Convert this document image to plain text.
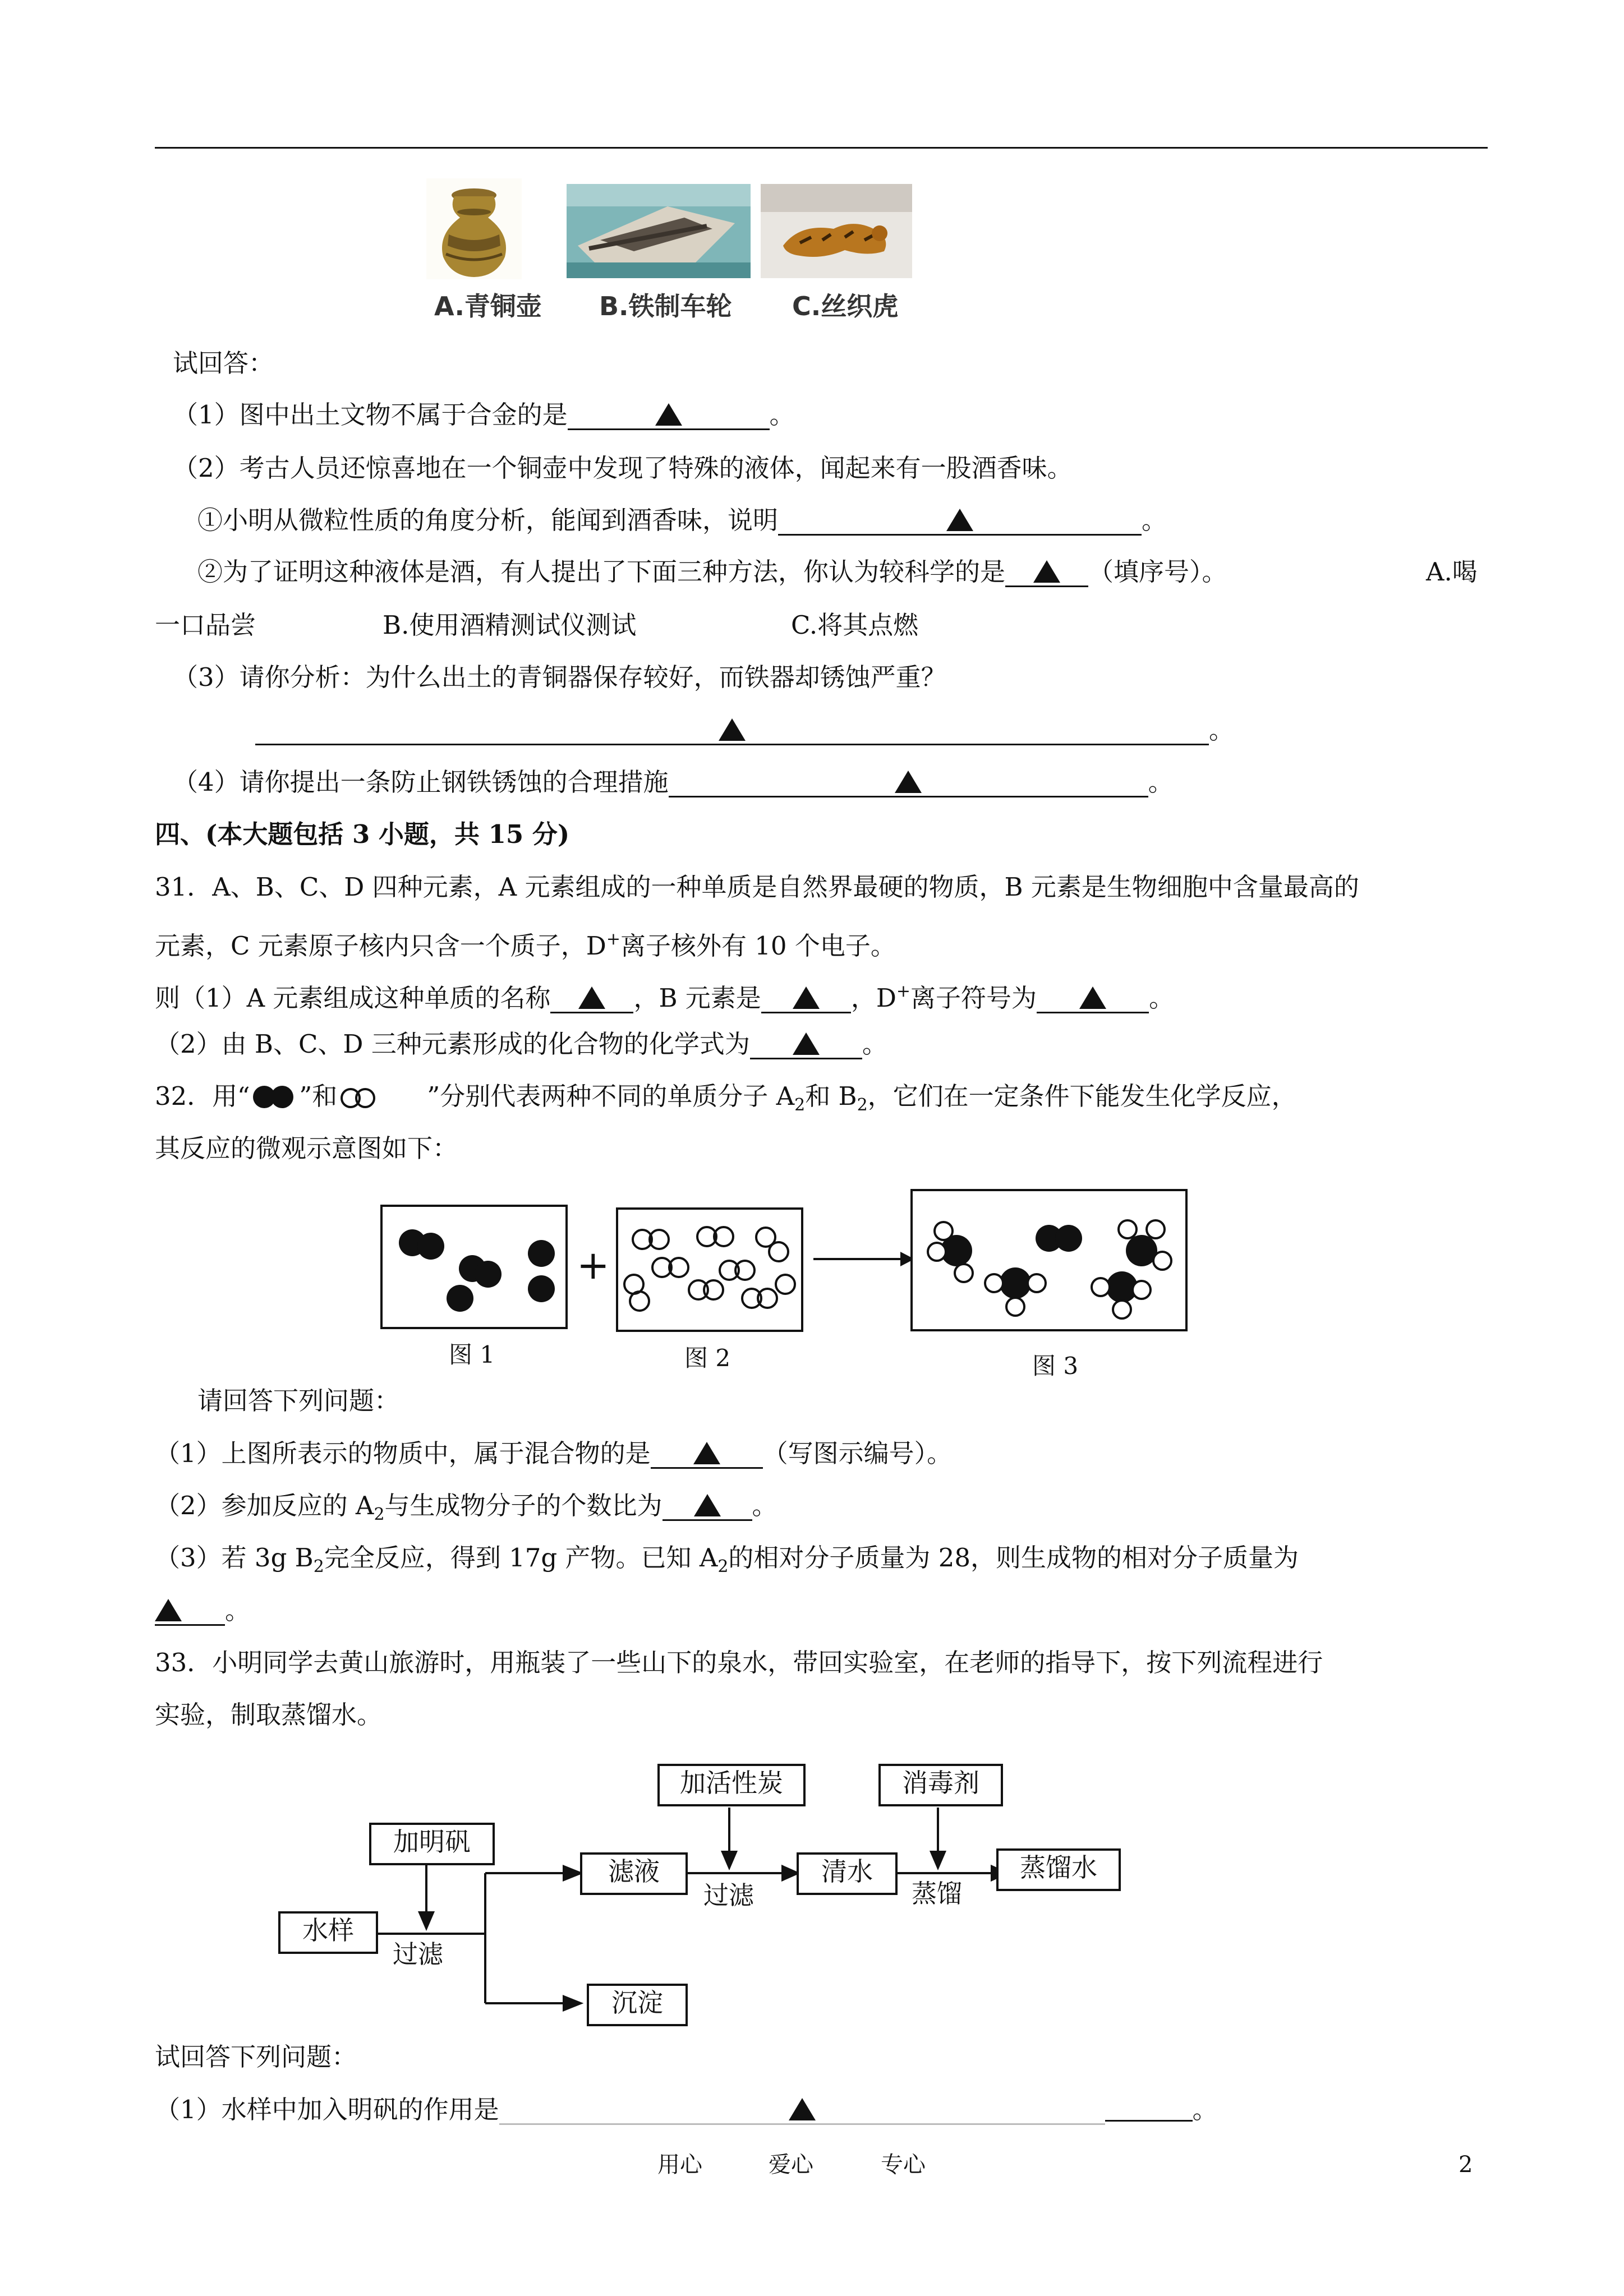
A.青铜壶 B.铁制车轮 C.丝织虎
试回答：
（1）图中出土文物不属于合金的是	。
（2）考古人员还惊喜地在一个铜壶中发现了特殊的液体，闻起来有一股酒香味。
①小明从微粒性质的角度分析，能闻到酒香味，说明	。
②为了证明这种液体是酒，有人提出了下面三种方法，你认为较科学的是	（填序号）。	A.喝
一口品尝	B.使用酒精测试仪测试	C.将其点燃
（3）请你分析：为什么出土的青铜器保存较好，而铁器却锈蚀严重？
。
（4）请你提出一条防止钢铁锈蚀的合理措施	。
四、(本大题包括 3 小题，共 15 分)
31．A、B、C、D 四种元素，A 元素组成的一种单质是自然界最硬的物质，B 元素是生物细胞中含量最高的
元素，C 元素原子核内只含一个质子，D+离子核外有 10 个电子。
则（1）A 元素组成这种单质的名称	，B 元素是	，D+离子符号为	。
（2）由 B、C、D 三种元素形成的化合物的化学式为	。
32．用 “ ”和	”分别代表两种不同的单质分子 $A_2$和 $B_2$，它们在一定条件下能发生化学反应，
其反应的微观示意图如下：
+
图 1	图 2	图 3
请回答下列问题：
（1）上图所表示的物质中，属于混合物的是	（写图示编号）。
（2）参加反应的 $A_2$与生成物分子的个数比为	。
（3）若 3g $B_2$完全反应，得到 17g 产物。已知 $A_2$的相对分子质量为 28，则生成物的相对分子质量为
。
33．小明同学去黄山旅游时，用瓶装了一些山下的泉水，带回实验室，在老师的指导下，按下列流程进行
实验，制取蒸馏水。
水样
加明矾
过滤
滤液
沉淀
加活性炭
过滤
清水
消毒剂
蒸馏
蒸馏水
试回答下列问题：
（1）水样中加入明矾的作用是	。
用心	爱心	专心	2
